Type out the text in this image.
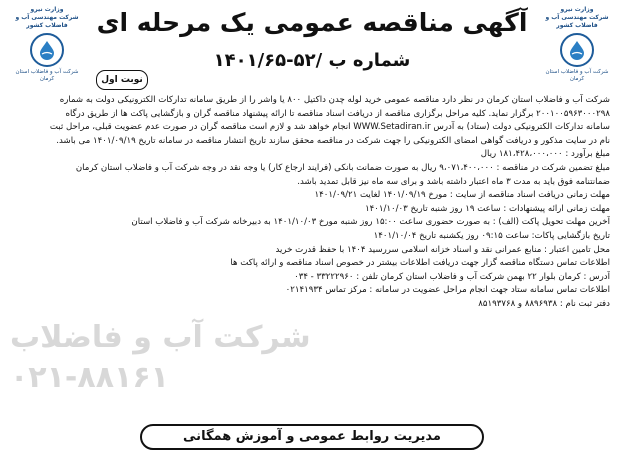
وزارت نیرو
شرکت مهندسی آب و فاضلاب کشور
شرکت آب و فاضلاب استان کرمان
وزارت نیرو
شرکت مهندسی آب و فاضلاب کشور
شرکت آب و فاضلاب استان کرمان
آگهی مناقصه عمومی یک مرحله ای
شماره ب /۵۲-۱۴۰۱/۶۵
نوبت اول
شرکت آب و فاضلاب
۰۲۱-۸۸۱۶۱

شرکت آب و فاضلاب استان کرمان در نظر دارد مناقصه عمومی خرید لوله چدن داکتیل ۸۰۰ یا واشر را از طریق سامانه تدارکات الکترونیکی دولت به شماره

۲۰۰۱۰۰۵۹۶۳۰۰۰۲۹۸ برگزار نماید. کلیه مراحل برگزاری مناقصه از دریافت اسناد مناقصه تا ارائه پیشنهاد مناقصه گران و بازگشایی پاکت ها از طریق درگاه

سامانه تدارکات الکترونیکی دولت (ستاد) به آدرس WWW.Setadiran.ir انجام خواهد شد و لازم است مناقصه گران در صورت عدم عضویت قبلی، مراحل ثبت

نام در سایت مذکور و دریافت گواهی امضای الکترونیکی را جهت شرکت در مناقصه محقق سازند تاریخ انتشار مناقصه در سامانه تاریخ ۱۴۰۱/۰۹/۱۹ می باشد.

مبلغ برآورد : ۱۸۱،۴۲۸،۰۰۰،۰۰۰ ریال

مبلغ تضمین شرکت در مناقصه : ۹،۰۷۱،۴۰۰،۰۰۰ ریال به صورت ضمانت بانکی (فرایند ارجاع کار) یا وجه نقد در وجه شرکت آب و فاضلاب استان کرمان

ضمانتنامه فوق باید به مدت ۳ ماه اعتبار داشته باشد و برای سه ماه نیز قابل تمدید باشد.

مهلت زمانی دریافت اسناد مناقصه از سایت : مورخ ۱۴۰۱/۰۹/۱۹ لغایت ۱۴۰۱/۰۹/۲۱

مهلت زمانی ارائه پیشنهادات : ساعت ۱۹ روز شنبه تاریخ ۱۴۰۱/۱۰/۰۳

آخرین مهلت تحویل پاکت (الف) : به صورت حضوری ساعت ۱۵:۰۰ روز شنبه مورخ ۱۴۰۱/۱۰/۰۳ به دبیرخانه شرکت آب و فاضلاب استان

تاریخ بازگشایی پاکات: ساعت ۰۹:۱۵ روز یکشنبه تاریخ ۱۴۰۱/۱۰/۰۴

محل تامین اعتبار : منابع عمرانی نقد و اسناد خزانه اسلامی سررسید ۱۴۰۴ با حفظ قدرت خرید

اطلاعات تماس دستگاه مناقصه گزار جهت دریافت اطلاعات بیشتر در خصوص اسناد مناقصه و ارائه پاکت ها

آدرس : کرمان بلوار ۲۲ بهمن شرکت آب و فاضلاب استان کرمان تلفن : ۳۳۲۲۲۹۶۰ - ۰۳۴

اطلاعات تماس سامانه ستاد جهت انجام مراحل عضویت در سامانه : مرکز تماس ۰۲۱۴۱۹۳۴

دفتر ثبت نام : ۸۸۹۶۹۳۸ و ۸۵۱۹۳۷۶۸

مدیریت روابط عمومی و آموزش همگانی
